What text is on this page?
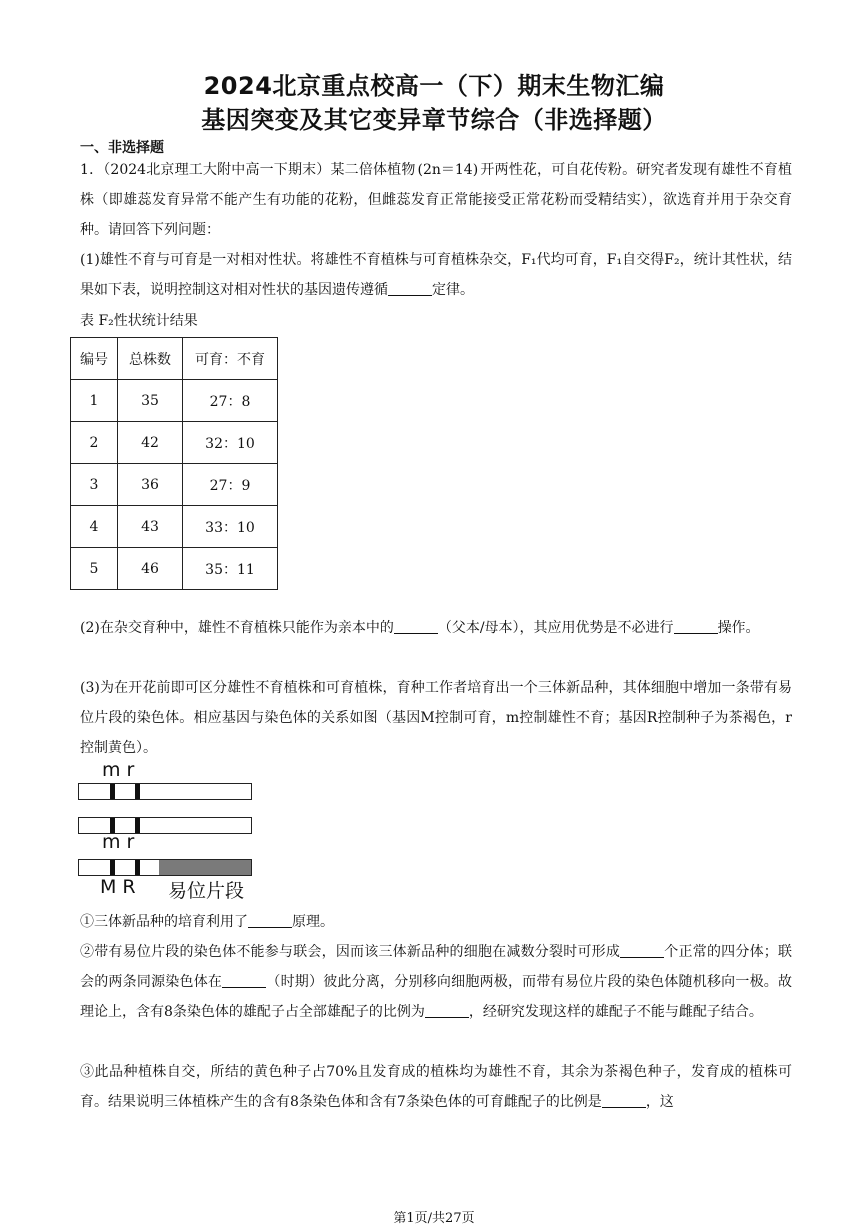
2024北京重点校高一（下）期末生物汇编
基因突变及其它变异章节综合（非选择题）
一、非选择题
1．（2024北京理工大附中高一下期末）某二倍体植物 (2n＝14) 开两性花，可自花传粉。研究者发现有雄性不育植株（即雄蕊发育异常不能产生有功能的花粉，但雌蕊发育正常能接受正常花粉而受精结实），欲选育并用于杂交育种。请回答下列问题：
(1)雄性不育与可育是一对相对性状。将雄性不育植株与可育植株杂交，F₁代均可育，F₁自交得F₂，统计其性状，结果如下表，说明控制这对相对性状的基因遗传遵循	定律。
表 F₂性状统计结果
编号	总株数	可育：不育
1	35	27：8
2	42	32：10
3	36	27：9
4	43	33：10
5	46	35：11
(2)在杂交育种中，雄性不育植株只能作为亲本中的	（父本/母本），其应用优势是不必进行	操作。
(3)为在开花前即可区分雄性不育植株和可育植株，育种工作者培育出一个三体新品种，其体细胞中增加一条带有易位片段的染色体。相应基因与染色体的关系如图（基因M控制可育，m控制雄性不育；基因R控制种子为茶褐色，r控制黄色）。
m r
m r
M R 易位片段
①三体新品种的培育利用了	原理。
②带有易位片段的染色体不能参与联会，因而该三体新品种的细胞在减数分裂时可形成	个正常的四分体；联会的两条同源染色体在	（时期）彼此分离，分别移向细胞两极，而带有易位片段的染色体随机移向一极。故理论上，含有8条染色体的雄配子占全部雄配子的比例为	，经研究发现这样的雄配子不能与雌配子结合。
③此品种植株自交，所结的黄色种子占70%且发育成的植株均为雄性不育，其余为茶褐色种子，发育成的植株可育。结果说明三体植株产生的含有8条染色体和含有7条染色体的可育雌配子的比例是	，这
第1页/共27页
